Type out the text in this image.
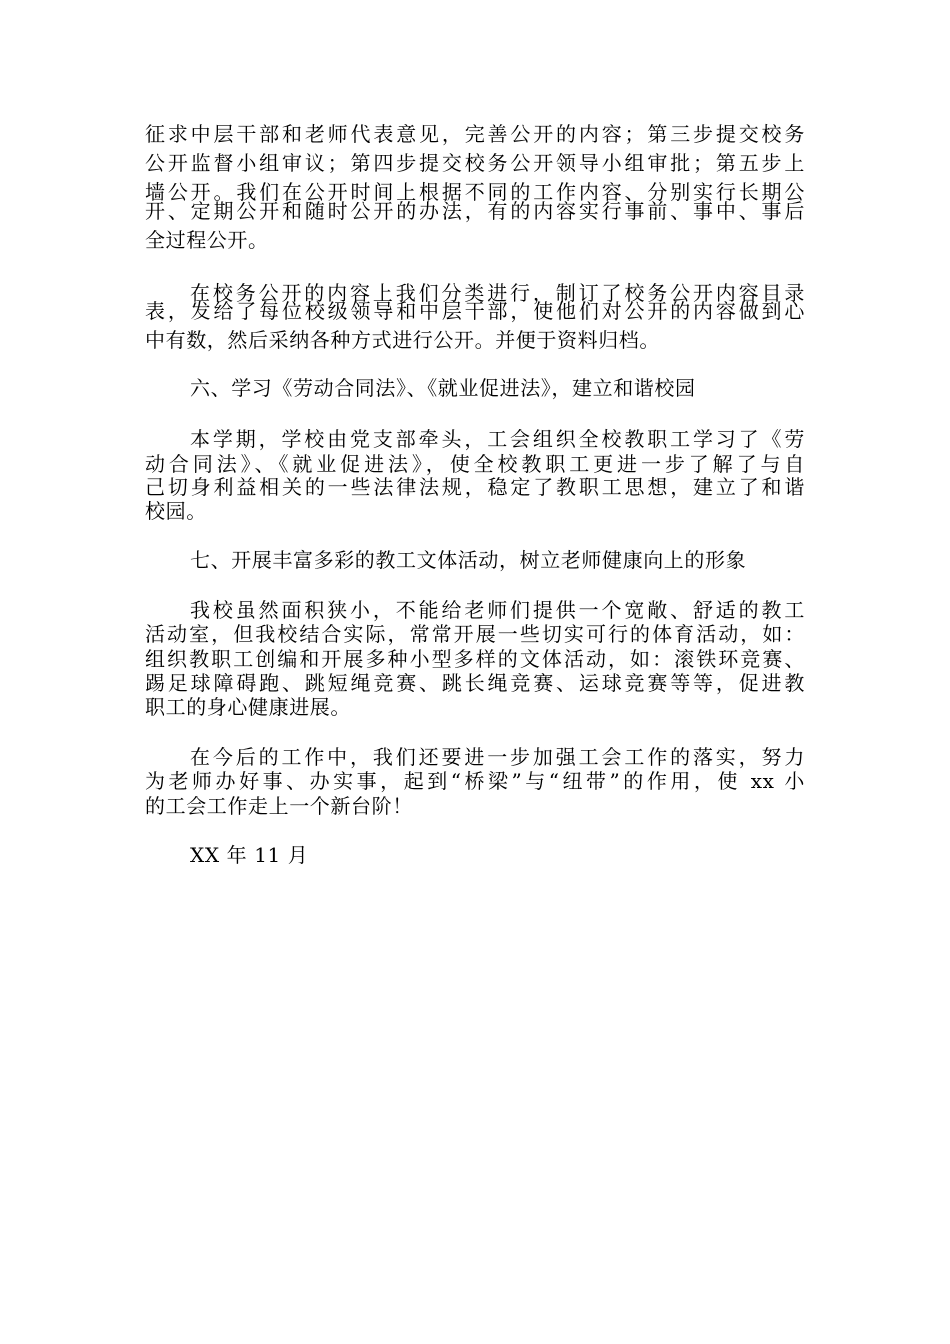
征求中层干部和老师代表意见，完善公开的内容；第三步提交校务
公开监督小组审议；第四步提交校务公开领导小组审批；第五步上
墙公开。我们在公开时间上根据不同的工作内容、分别实行长期公
开、定期公开和随时公开的办法，有的内容实行事前、事中、事后
全过程公开。
在校务公开的内容上我们分类进行，制订了校务公开内容目录
表，发给了每位校级领导和中层干部，使他们对公开的内容做到心
中有数，然后采纳各种方式进行公开。并便于资料归档。
六、学习《劳动合同法》、《就业促进法》，建立和谐校园
本学期，学校由党支部牵头，工会组织全校教职工学习了《劳
动合同法》、《就业促进法》，使全校教职工更进一步了解了与自
己切身利益相关的一些法律法规，稳定了教职工思想，建立了和谐
校园。
七、开展丰富多彩的教工文体活动，树立老师健康向上的形象
我校虽然面积狭小，不能给老师们提供一个宽敞、舒适的教工
活动室，但我校结合实际，常常开展一些切实可行的体育活动，如：
组织教职工创编和开展多种小型多样的文体活动，如：滚铁环竞赛、
踢足球障碍跑、跳短绳竞赛、跳长绳竞赛、运球竞赛等等，促进教
职工的身心健康进展。
在今后的工作中，我们还要进一步加强工会工作的落实，努力
为老师办好事、办实事，起到“桥梁”与“纽带”的作用，使 xx 小
的工会工作走上一个新台阶！
XX 年 11 月
